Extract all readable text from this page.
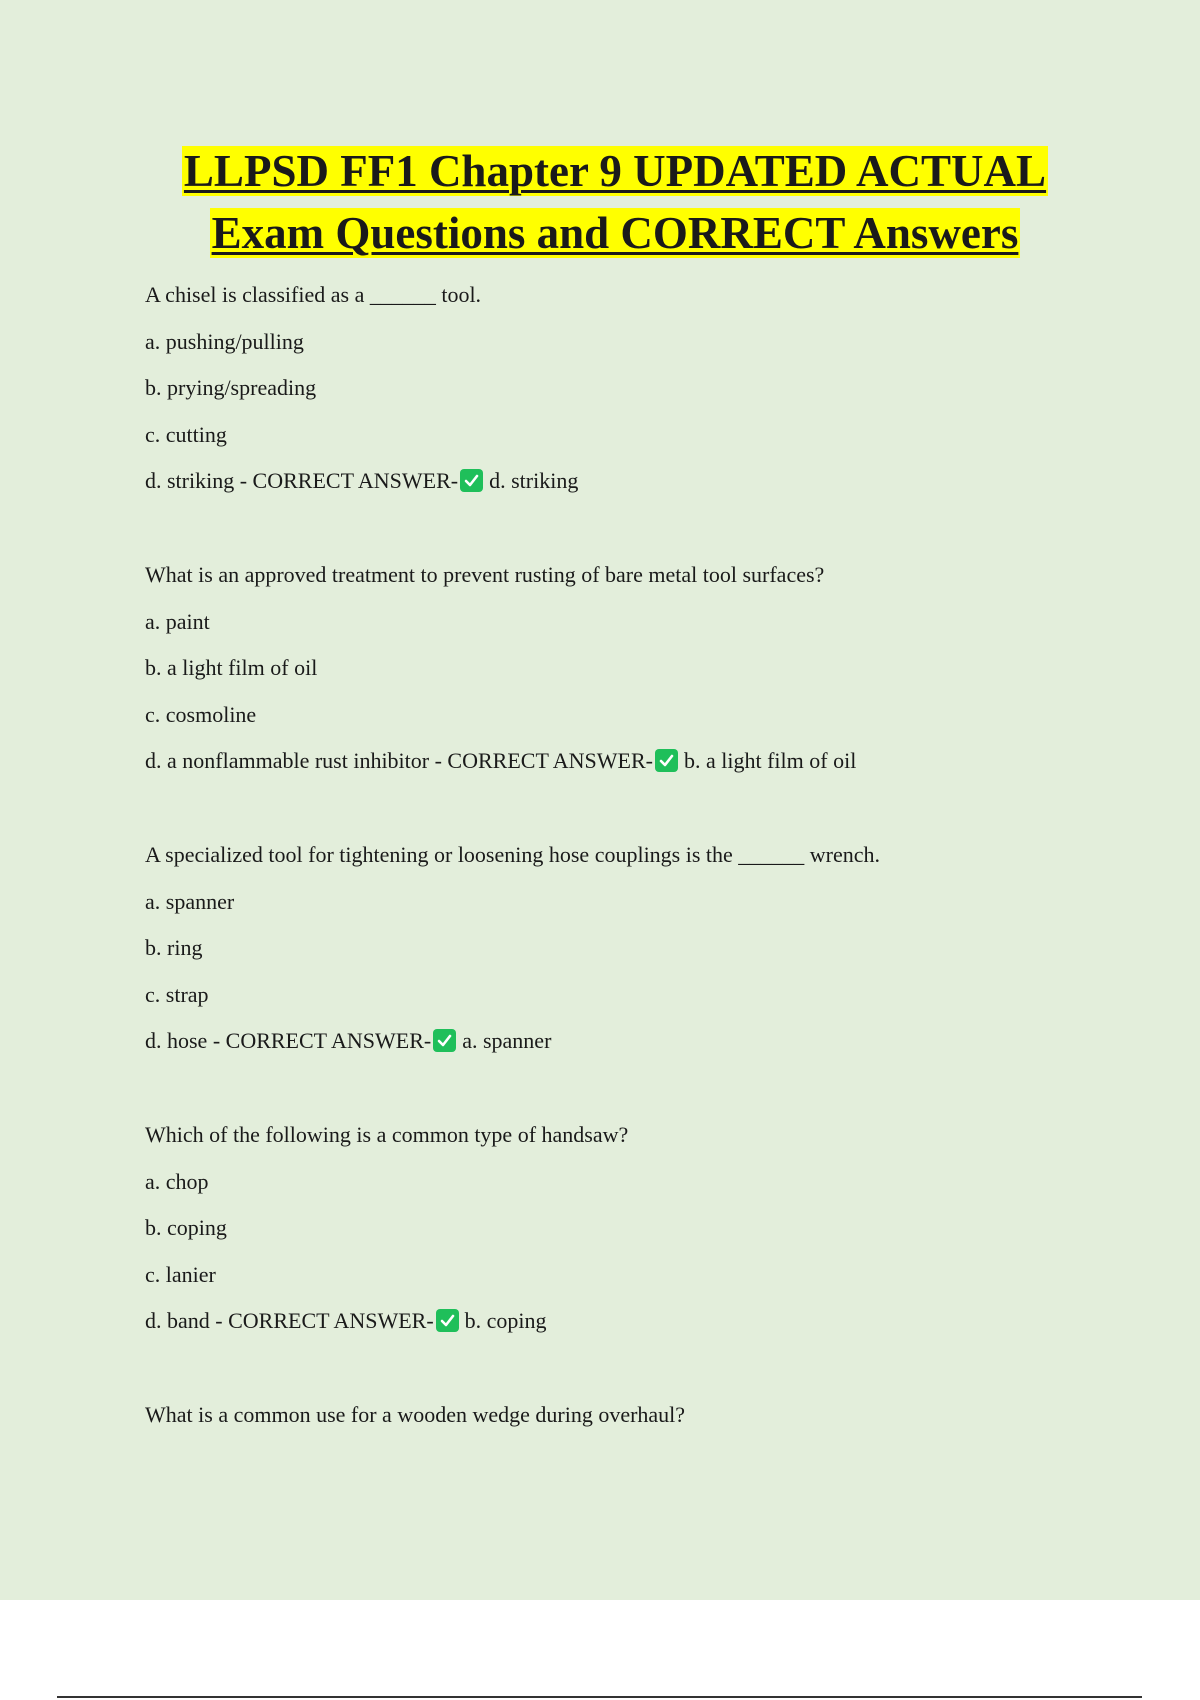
LLPSD FF1 Chapter 9 UPDATED ACTUAL
Exam Questions and CORRECT Answers
A chisel is classified as a ______ tool.
a. pushing/pulling
b. prying/spreading
c. cutting
d. striking - CORRECT ANSWER- d. striking
What is an approved treatment to prevent rusting of bare metal tool surfaces?
a. paint
b. a light film of oil
c. cosmoline
d. a nonflammable rust inhibitor - CORRECT ANSWER- b. a light film of oil
A specialized tool for tightening or loosening hose couplings is the ______ wrench.
a. spanner
b. ring
c. strap
d. hose - CORRECT ANSWER- a. spanner
Which of the following is a common type of handsaw?
a. chop
b. coping
c. lanier
d. band - CORRECT ANSWER- b. coping
What is a common use for a wooden wedge during overhaul?
